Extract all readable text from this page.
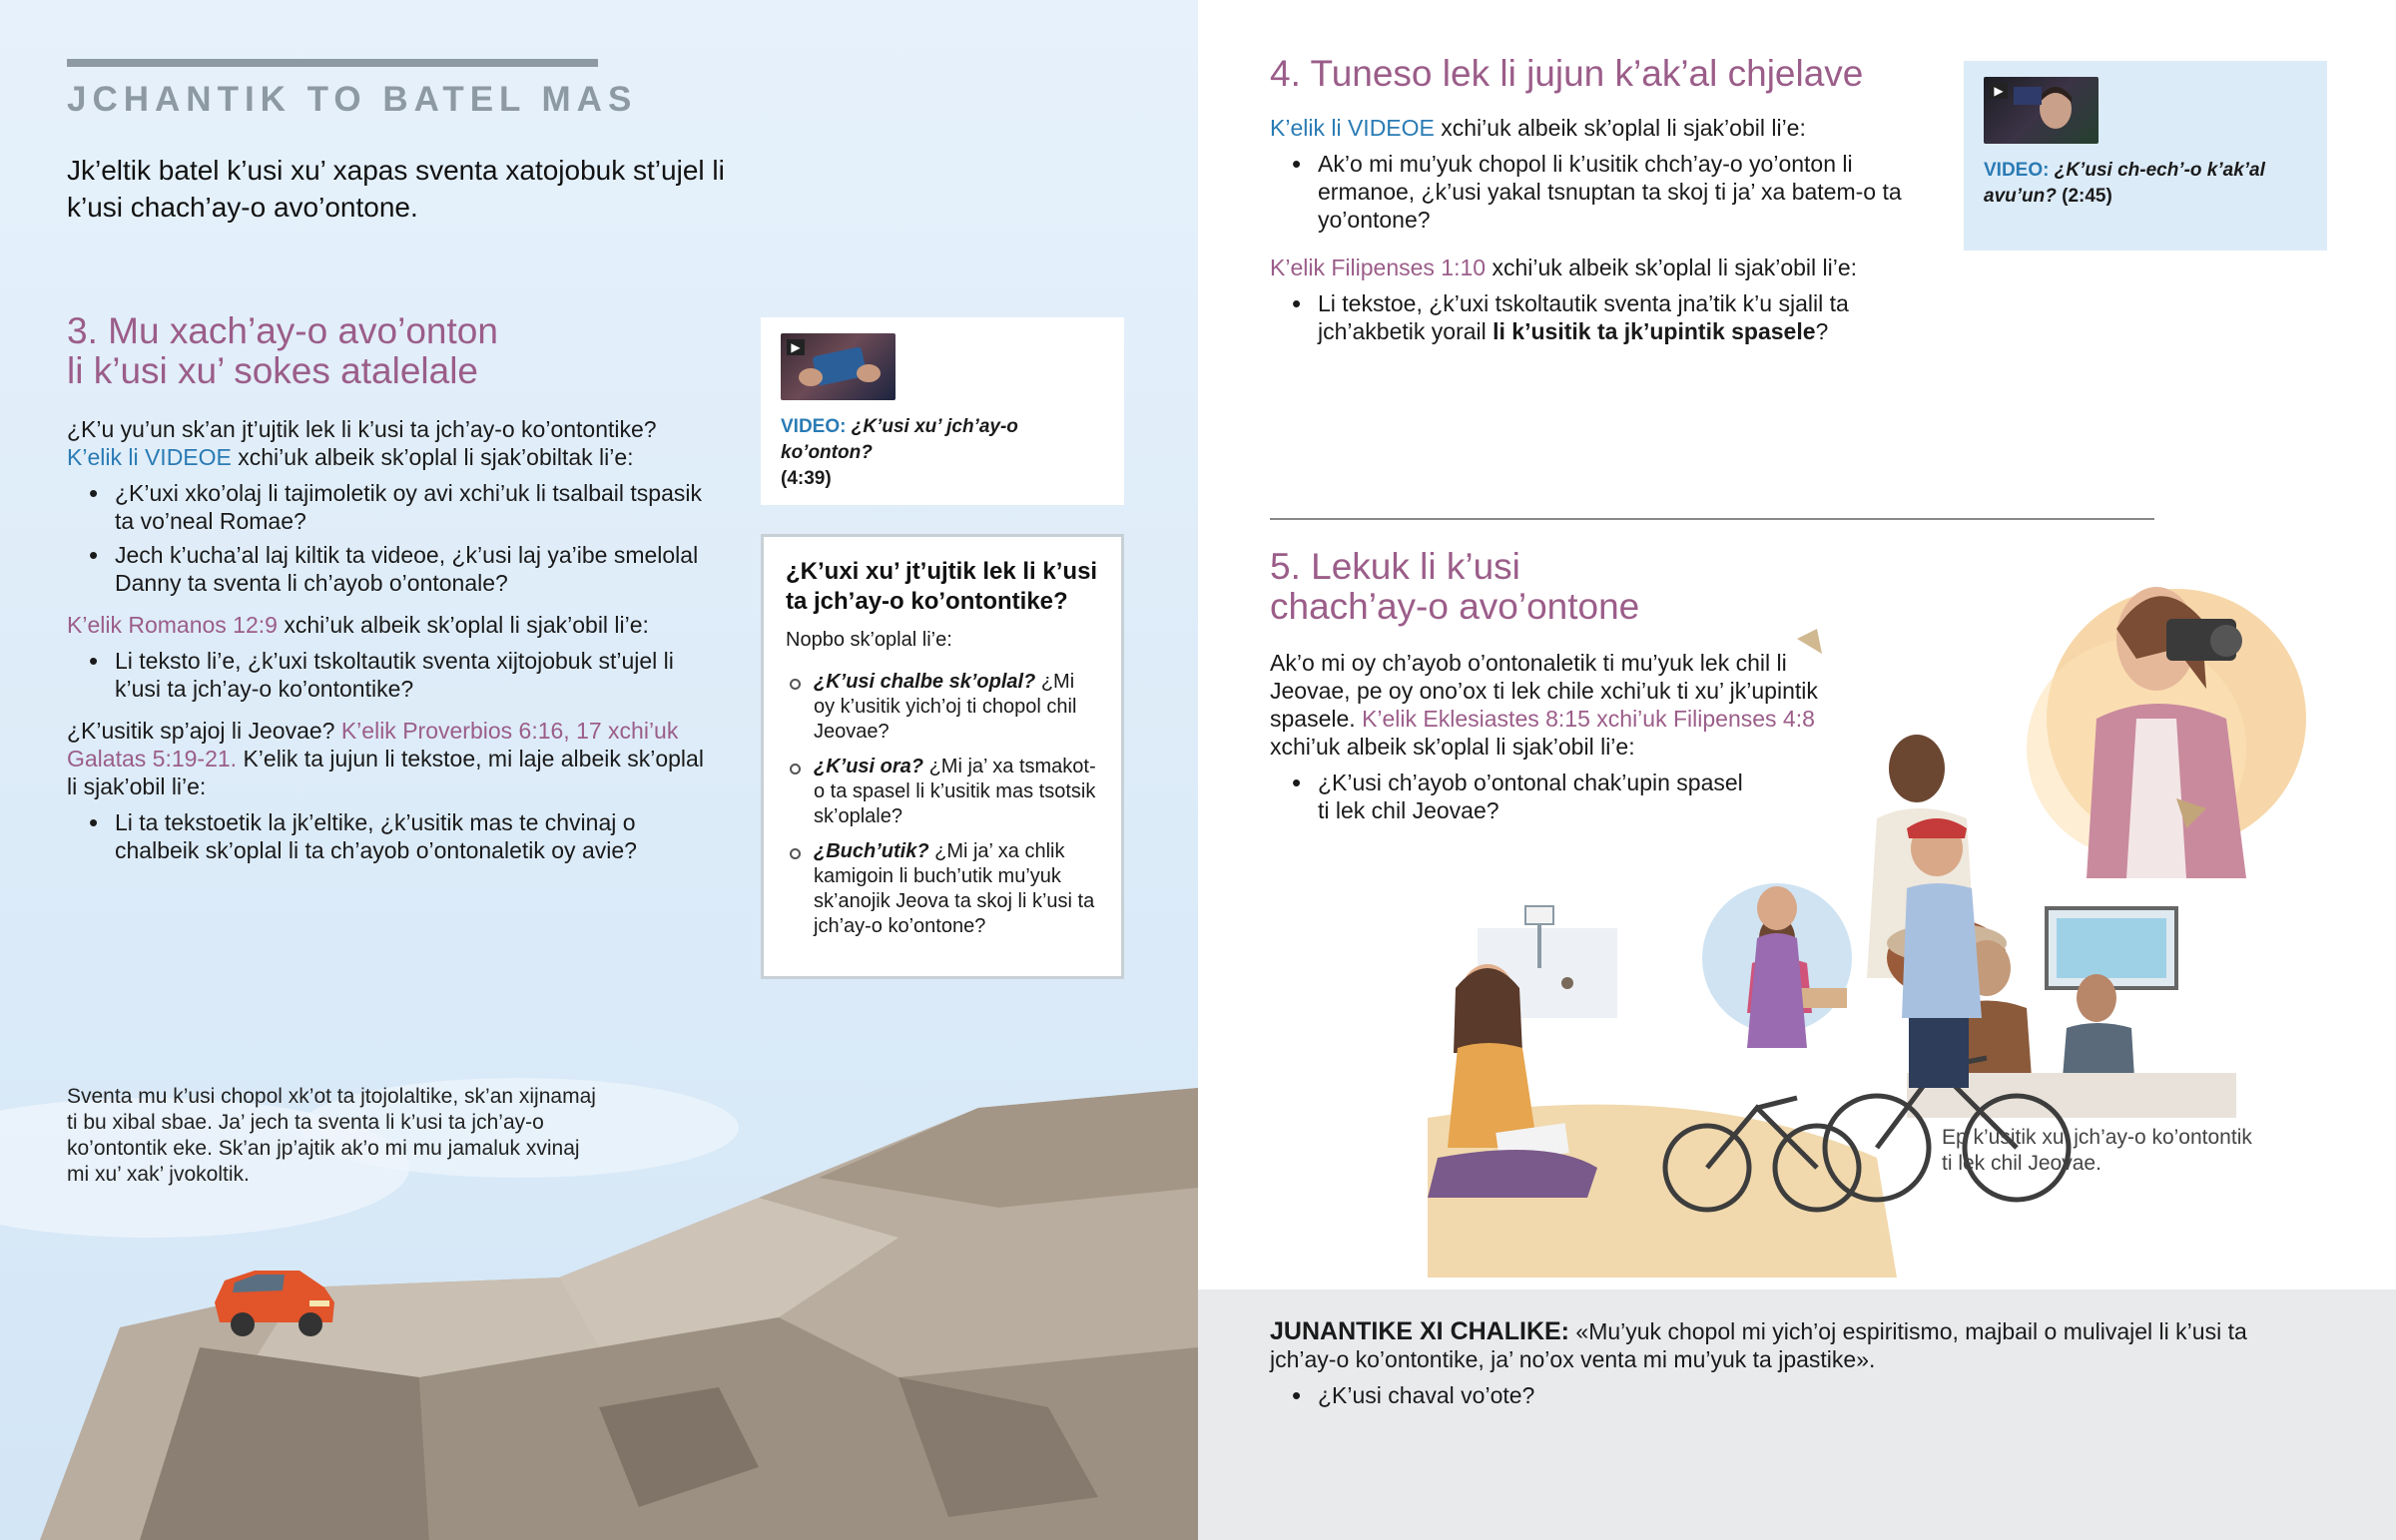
JCHANTIK TO BATEL MAS
Jk’eltik batel k’usi xu’ xapas sventa xatojobuk st’ujel li k’usi chach’ay-o avo’ontone.
3. Mu xach’ay-o avo’onton
li k’usi xu’ sokes atalelale

¿K’u yu’un sk’an jt’ujtik lek li k’usi ta jch’ay-o ko’ontontike?
K’elik li VIDEOE xchi’uk albeik sk’oplal li sjak’obiltak li’e:

• ¿K’uxi xko’olaj li tajimoletik oy avi xchi’uk li tsalbail tspasik ta vo’neal Romae?
• Jech k’ucha’al laj kiltik ta videoe, ¿k’usi laj ya’ibe smelolal Danny ta sventa li ch’ayob o’ontonale?

K’elik Romanos 12:9 xchi’uk albeik sk’oplal li sjak’obil li’e:

• Li teksto li’e, ¿k’uxi tskoltautik sventa xijtojobuk st’ujel li k’usi ta jch’ay-o ko’ontontike?

¿K’usitik sp’ajoj li Jeovae? K’elik Proverbios 6:16, 17 xchi’uk Galatas 5:19-21. K’elik ta jujun li tekstoe, mi laje albeik sk’oplal li sjak’obil li’e:

• Li ta tekstoetik la jk’eltike, ¿k’usitik mas te chvinaj o chalbeik sk’oplal li ta ch’ayob o’ontonaletik oy avie?
▶
VIDEO: ¿K’usi xu’ jch’ay-o ko’onton?
(4:39)
¿K’uxi xu’ jt’ujtik lek li k’usi ta jch’ay-o ko’ontontike?
Nopbo sk’oplal li’e:
¿K’usi chalbe sk’oplal? ¿Mi oy k’usitik yich’oj ti chopol chil Jeovae?
¿K’usi ora? ¿Mi ja’ xa tsmakot-o ta spasel li k’usitik mas tsotsik sk’oplale?
¿Buch’utik? ¿Mi ja’ xa chlik kamigoin li buch’utik mu’yuk sk’anojik Jeova ta skoj li k’usi ta jch’ay-o ko’ontone?
Sventa mu k’usi chopol xk’ot ta jtojolaltike, sk’an xijnamaj ti bu xibal sbae. Ja’ jech ta sventa li k’usi ta jch’ay-o ko’ontontik eke. Sk’an jp’ajtik ak’o mi mu jamaluk xvinaj mi xu’ xak’ jvokoltik.
4. Tuneso lek li jujun k’ak’al chjelave

K’elik li VIDEOE xchi’uk albeik sk’oplal li sjak’obil li’e:

• Ak’o mi mu’yuk chopol li k’usitik chch’ay-o yo’onton li ermanoe, ¿k’usi yakal tsnuptan ta skoj ti ja’ xa batem-o ta yo’ontone?

K’elik Filipenses 1:10 xchi’uk albeik sk’oplal li sjak’obil li’e:

• Li tekstoe, ¿k’uxi tskoltautik sventa jna’tik k’u sjalil ta jch’akbetik yorail li k’usitik ta jk’upintik spasele?
▶
VIDEO: ¿K’usi ch-ech’-o k’ak’al avu’un? (2:45)
5. Lekuk li k’usi
chach’ay-o avo’ontone

Ak’o mi oy ch’ayob o’ontonaletik ti mu’yuk lek chil li Jeovae, pe oy ono’ox ti lek chile xchi’uk ti xu’ jk’upintik spasele. K’elik Eklesiastes 8:15 xchi’uk Filipenses 4:8 xchi’uk albeik sk’oplal li sjak’obil li’e:

• ¿K’usi ch’ayob o’ontonal chak’upin spasel ti lek chil Jeovae?
Ep k’usitik xu’ jch’ay-o ko’ontontik ti lek chil Jeovae.

JUNANTIKE XI CHALIKE: «Mu’yuk chopol mi yich’oj espiritismo, majbail o mulivajel li k’usi ta jch’ay-o ko’ontontike, ja’ no’ox venta mi mu’yuk ta jpastike».

• ¿K’usi chaval vo’ote?
